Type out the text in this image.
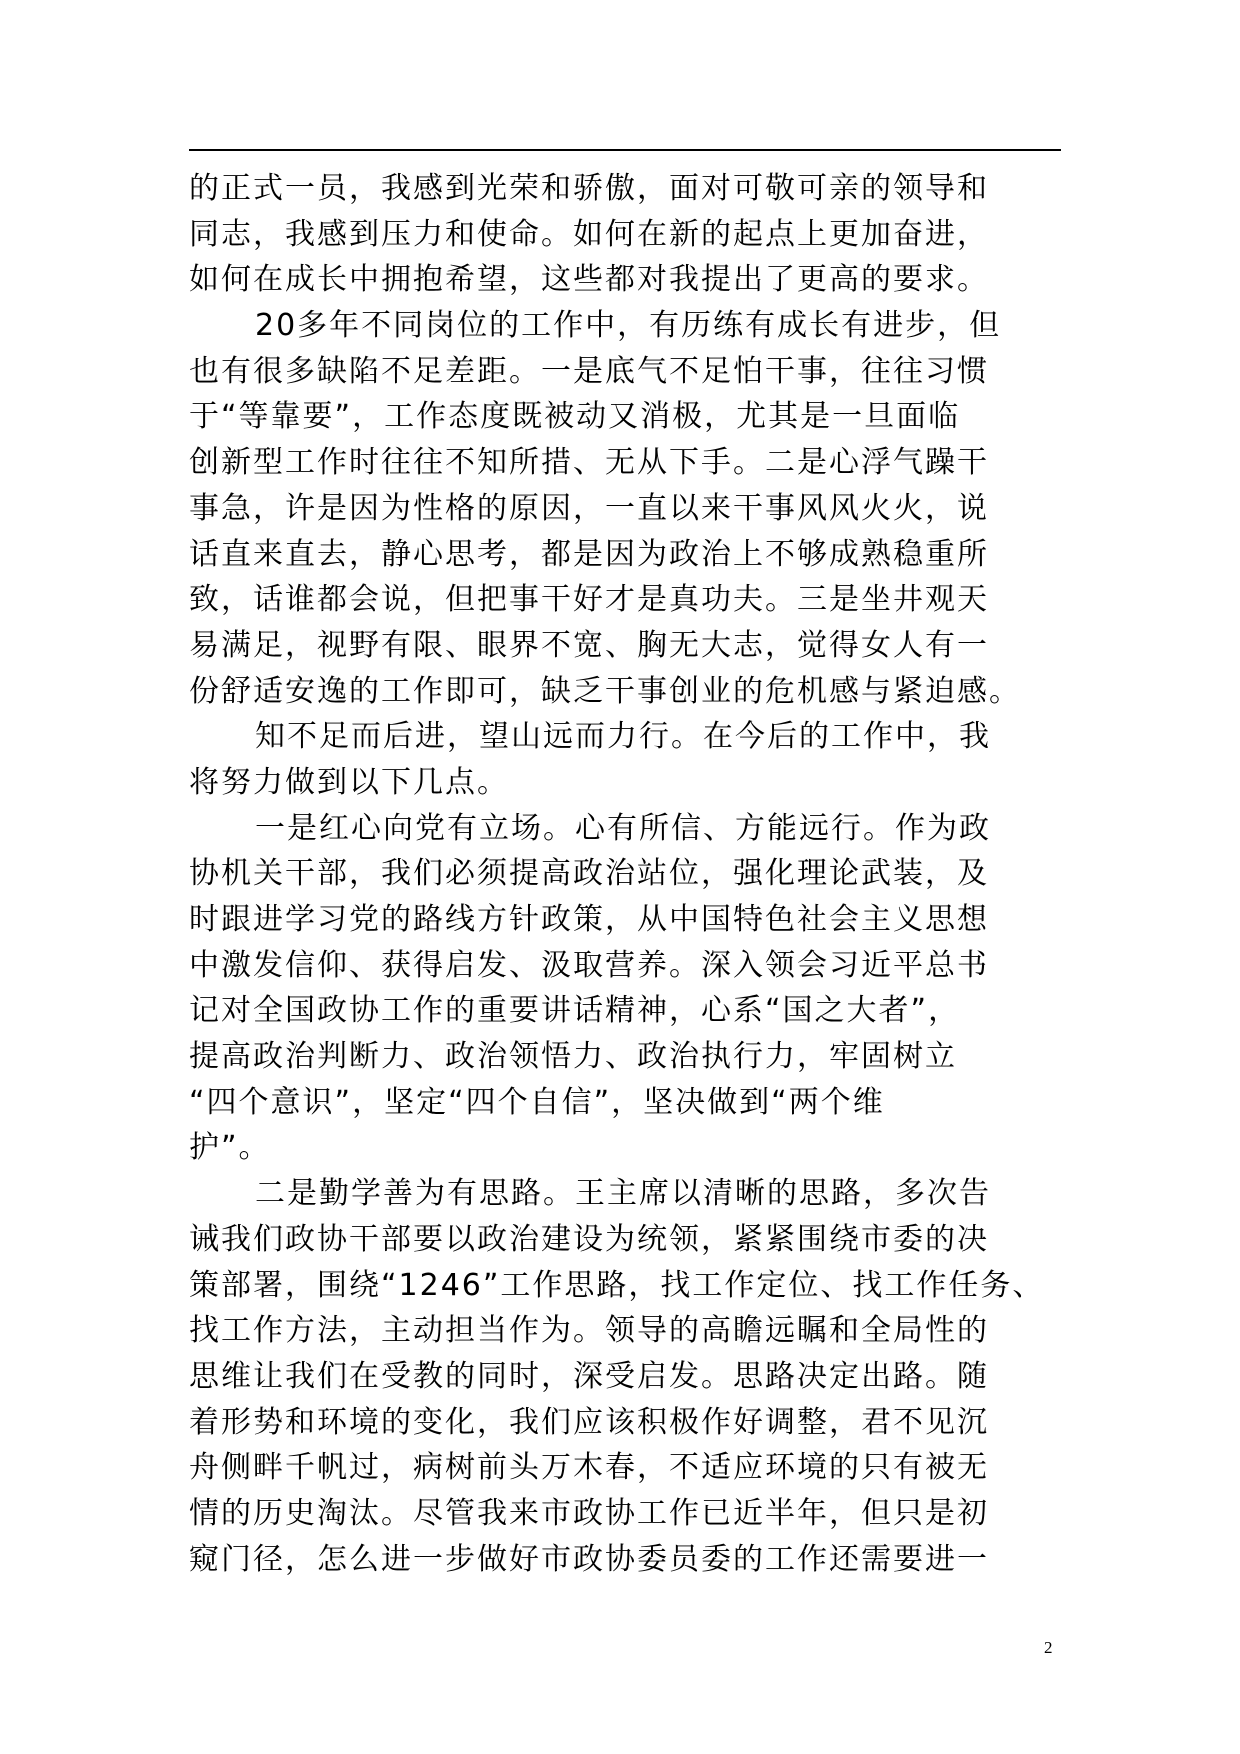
的正式一员，我感到光荣和骄傲，面对可敬可亲的领导和
同志，我感到压力和使命。如何在新的起点上更加奋进，
如何在成长中拥抱希望，这些都对我提出了更高的要求。
20多年不同岗位的工作中，有历练有成长有进步，但
也有很多缺陷不足差距。一是底气不足怕干事，往往习惯
于“等靠要”，工作态度既被动又消极，尤其是一旦面临
创新型工作时往往不知所措、无从下手。二是心浮气躁干
事急，许是因为性格的原因，一直以来干事风风火火，说
话直来直去，静心思考，都是因为政治上不够成熟稳重所
致，话谁都会说，但把事干好才是真功夫。三是坐井观天
易满足，视野有限、眼界不宽、胸无大志，觉得女人有一
份舒适安逸的工作即可，缺乏干事创业的危机感与紧迫感。
知不足而后进，望山远而力行。在今后的工作中，我
将努力做到以下几点。
一是红心向党有立场。心有所信、方能远行。作为政
协机关干部，我们必须提高政治站位，强化理论武装，及
时跟进学习党的路线方针政策，从中国特色社会主义思想
中激发信仰、获得启发、汲取营养。深入领会习近平总书
记对全国政协工作的重要讲话精神，心系“国之大者”，
提高政治判断力、政治领悟力、政治执行力，牢固树立
“四个意识”，坚定“四个自信”，坚决做到“两个维
护”。
二是勤学善为有思路。王主席以清晰的思路，多次告
诫我们政协干部要以政治建设为统领，紧紧围绕市委的决
策部署，围绕“1246”工作思路，找工作定位、找工作任务、
找工作方法，主动担当作为。领导的高瞻远瞩和全局性的
思维让我们在受教的同时，深受启发。思路决定出路。随
着形势和环境的变化，我们应该积极作好调整，君不见沉
舟侧畔千帆过，病树前头万木春，不适应环境的只有被无
情的历史淘汰。尽管我来市政协工作已近半年，但只是初
窥门径，怎么进一步做好市政协委员委的工作还需要进一
2
